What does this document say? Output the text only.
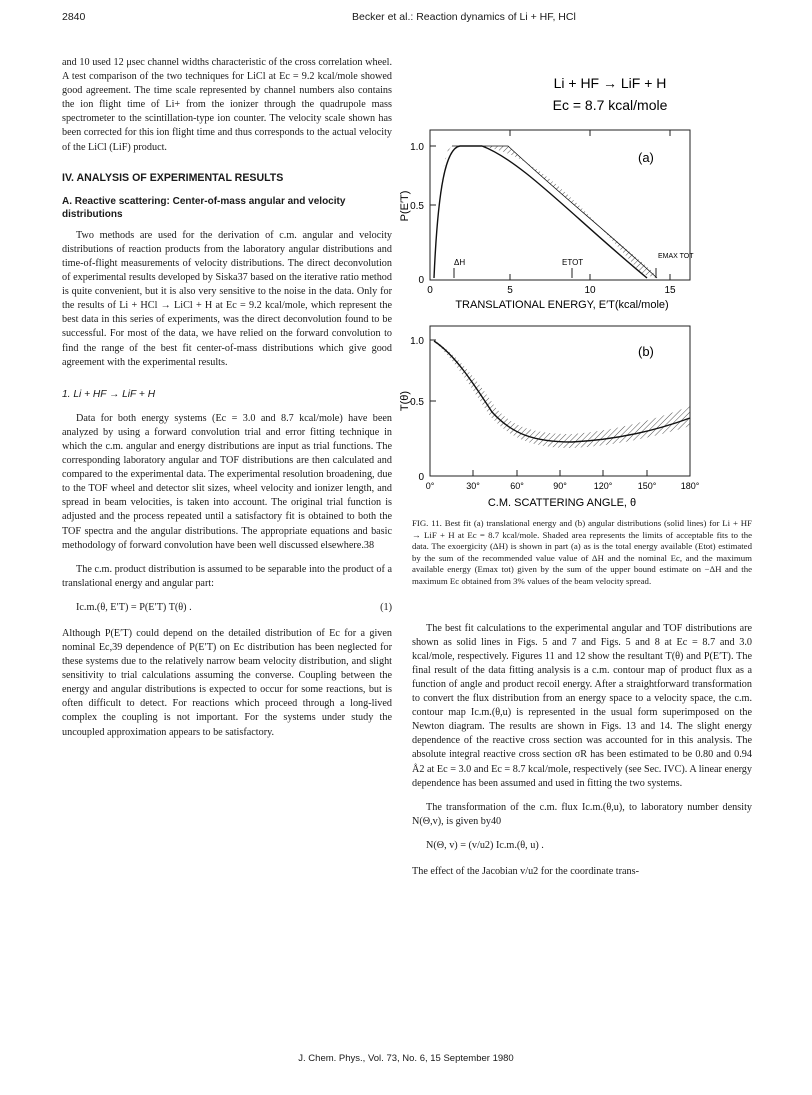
2840	Becker et al.: Reaction dynamics of Li + HF, HCl

and 10 used 12 μsec channel widths characteristic of the cross correlation wheel. A test comparison of the two techniques for LiCl at Ec = 9.2 kcal/mole showed good agreement. The time scale represented by channel numbers also contains the ion flight time of Li+ from the ionizer through the quadrupole mass spectrometer to the scintillation-type ion counter. The velocity scale shown has been corrected for this ion flight time and thus corresponds to the actual velocity of the LiCl (LiF) product.

IV. ANALYSIS OF EXPERIMENTAL RESULTS
A. Reactive scattering: Center-of-mass angular and velocity distributions

Two methods are used for the derivation of c.m. angular and velocity distributions of reaction products from the laboratory angular distributions and time-of-flight measurements of velocity distributions. The direct deconvolution of experimental results developed by Siska37 based on the iterative ratio method is quite convenient, but it is also very sensitive to the noise in the data. Only for the results of Li + HCl → LiCl + H at Ec = 9.2 kcal/mole, which represent the best data in this series of experiments, was the direct deconvolution found to be successful. For most of the data, we have relied on the forward convolution to find the range of the best fit center-of-mass distributions which give good agreement with the experimental results.

1. Li + HF → LiF + H

Data for both energy systems (Ec = 3.0 and 8.7 kcal/mole) have been analyzed by using a forward convolution trial and error fitting technique in which the c.m. angular and energy distributions are input as trial functions. The corresponding laboratory angular and TOF distributions are then calculated and compared to the experimental data. The experimental resolution broadening, due to the TOF wheel and detector slit sizes, wheel velocity and ionizer length, and spread in beam velocities, is taken into account. The original trial function is adjusted and the process repeated until a satisfactory fit is obtained to both the TOF spectra and the angular distributions. The appropriate equations and basic methodology of forward convolution have been well discussed elsewhere.38

The c.m. product distribution is assumed to be separable into the product of a translational energy and angular part:

Ic.m.(θ, E′T) = P(E′T) T(θ) .	(1)

Although P(E′T) could depend on the detailed distribution of Ec for a given nominal Ec,39 dependence of P(E′T) on Ec distribution has been neglected for these systems due to the relatively narrow beam velocity distribution, and slight sensitivity to trial calculations assuming the converse. Coupling between the energy and angular distributions is expected to occur for some reactions, but is often difficult to detect. For reactions which proceed through a long-lived complex the coupling is not important. For the systems under study the uncoupled approximation appears to be satisfactory.

Li + HF → LiF + H
Ec = 8.7 kcal/mole
0
0.5
1.0
0	5	10	15
(a)
P(E′T)
TRANSLATIONAL ENERGY, E′T(kcal/mole)
ΔH	ETOT
EMAX TOT
0
0.5
1.0
0°	30°	60°	90°	120°	150°	180°
(b)
T(θ)
C.M. SCATTERING ANGLE, θ

FIG. 11. Best fit (a) translational energy and (b) angular distributions (solid lines) for Li + HF → LiF + H at Ec = 8.7 kcal/mole. Shaded area represents the limits of acceptable fits to the data. The exoergicity (ΔH) is shown in part (a) as is the total energy available (Etot) estimated by the sum of the recommended value value of ΔH and the nominal Ec, and the maximum available energy (Emax tot) given by the sum of the upper bound estimate on −ΔH and the maximum Ec obtained from 3% values of the beam velocity spread.

The best fit calculations to the experimental angular and TOF distributions are shown as solid lines in Figs. 5 and 7 and Figs. 5 and 8 at Ec = 8.7 and 3.0 kcal/mole, respectively. Figures 11 and 12 show the resultant T(θ) and P(E′T). The final result of the data fitting analysis is a c.m. contour map of product flux as a function of angle and product recoil energy. After a straightforward transformation to convert the flux distribution from an energy space to a velocity space, the c.m. contour map Ic.m.(θ,u) is represented in the usual form superimposed on the Newton diagram. The results are shown in Figs. 13 and 14. The slight energy dependence of the reactive cross section was accounted for in this analysis. The absolute integral reactive cross section σR has been estimated to be 0.80 and 0.94 Å2 at Ec = 3.0 and Ec = 8.7 kcal/mole, respectively (see Sec. IVC). A linear energy dependence has been assumed and used in fitting the two systems.

The transformation of the c.m. flux Ic.m.(θ,u), to laboratory number density N(Θ,v), is given by40

N(Θ, v) = (v/u2) Ic.m.(θ, u) .

The effect of the Jacobian v/u2 for the coordinate trans-

J. Chem. Phys., Vol. 73, No. 6, 15 September 1980
